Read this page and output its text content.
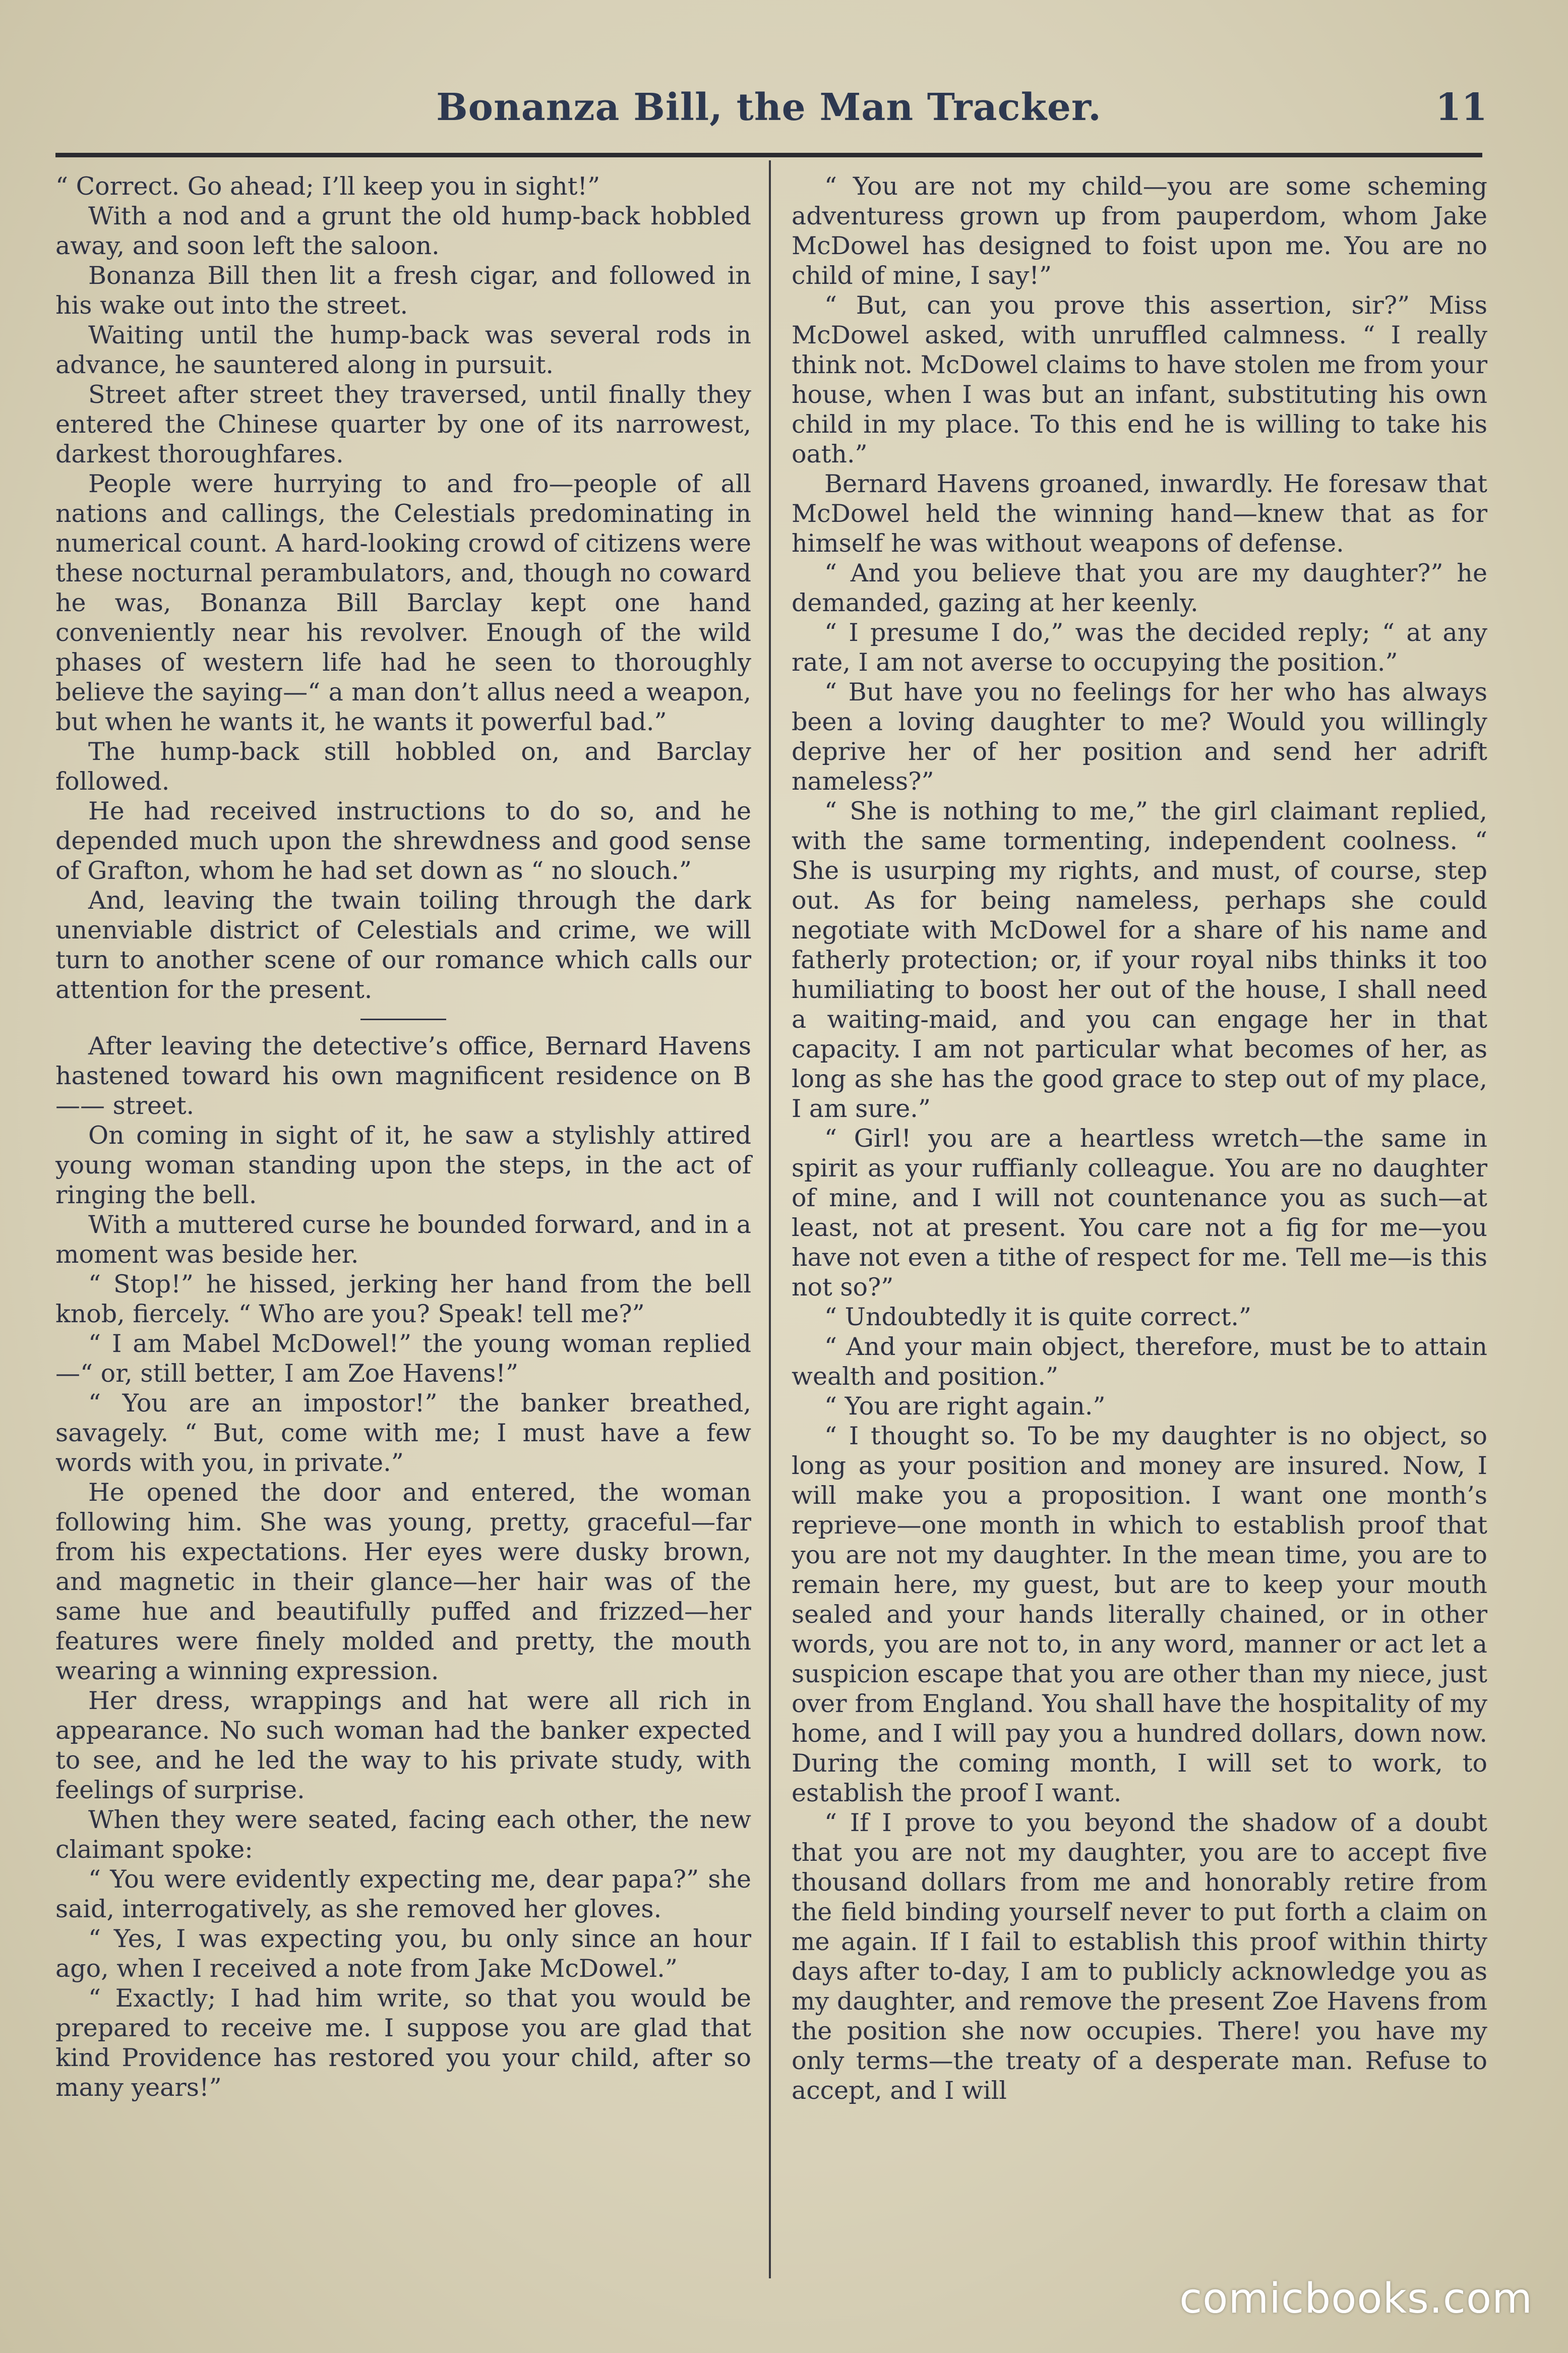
Bonanza Bill, the Man Tracker.	11

“ Correct. Go ahead; I’ll keep you in sight!”

With a nod and a grunt the old hump-back hobbled away, and soon left the saloon.

Bonanza Bill then lit a fresh cigar, and followed in his wake out into the street.

Waiting until the hump-back was several rods in advance, he sauntered along in pursuit.

Street after street they traversed, until finally they entered the Chinese quarter by one of its narrowest, darkest thoroughfares.

People were hurrying to and fro—people of all nations and callings, the Celestials predominating in numerical count. A hard-looking crowd of citizens were these nocturnal perambulators, and, though no coward he was, Bonanza Bill Barclay kept one hand conveniently near his revolver. Enough of the wild phases of western life had he seen to thoroughly believe the saying—“ a man don’t allus need a weapon, but when he wants it, he wants it powerful bad.”

The hump-back still hobbled on, and Barclay followed.

He had received instructions to do so, and he depended much upon the shrewdness and good sense of Grafton, whom he had set down as “ no slouch.”

And, leaving the twain toiling through the dark unenviable district of Celestials and crime, we will turn to another scene of our romance which calls our attention for the present.

After leaving the detective’s office, Bernard Havens hastened toward his own magnificent residence on B—— street.

On coming in sight of it, he saw a stylishly attired young woman standing upon the steps, in the act of ringing the bell.

With a muttered curse he bounded forward, and in a moment was beside her.

“ Stop!” he hissed, jerking her hand from the bell knob, fiercely. “ Who are you? Speak! tell me?”

“ I am Mabel McDowel!” the young woman replied—“ or, still better, I am Zoe Havens!”

“ You are an impostor!” the banker breathed, savagely. “ But, come with me; I must have a few words with you, in private.”

He opened the door and entered, the woman following him. She was young, pretty, graceful—far from his expectations. Her eyes were dusky brown, and magnetic in their glance—her hair was of the same hue and beautifully puffed and frizzed—her features were finely molded and pretty, the mouth wearing a winning expression.

Her dress, wrappings and hat were all rich in appearance. No such woman had the banker expected to see, and he led the way to his private study, with feelings of surprise.

When they were seated, facing each other, the new claimant spoke:

“ You were evidently expecting me, dear papa?” she said, interrogatively, as she removed her gloves.

“ Yes, I was expecting you, bu only since an hour ago, when I received a note from Jake McDowel.”

“ Exactly; I had him write, so that you would be prepared to receive me. I suppose you are glad that kind Providence has restored you your child, after so many years!”

“ You are not my child—you are some scheming adventuress grown up from pauperdom, whom Jake McDowel has designed to foist upon me. You are no child of mine, I say!”

“ But, can you prove this assertion, sir?” Miss McDowel asked, with unruffled calmness. “ I really think not. McDowel claims to have stolen me from your house, when I was but an infant, substituting his own child in my place. To this end he is willing to take his oath.”

Bernard Havens groaned, inwardly. He foresaw that McDowel held the winning hand—knew that as for himself he was without weapons of defense.

“ And you believe that you are my daughter?” he demanded, gazing at her keenly.

“ I presume I do,” was the decided reply; “ at any rate, I am not averse to occupying the position.”

“ But have you no feelings for her who has always been a loving daughter to me? Would you willingly deprive her of her position and send her adrift nameless?”

“ She is nothing to me,” the girl claimant replied, with the same tormenting, independent coolness. “ She is usurping my rights, and must, of course, step out. As for being nameless, perhaps she could negotiate with McDowel for a share of his name and fatherly protection; or, if your royal nibs thinks it too humiliating to boost her out of the house, I shall need a waiting-maid, and you can engage her in that capacity. I am not particular what becomes of her, as long as she has the good grace to step out of my place, I am sure.”

“ Girl! you are a heartless wretch—the same in spirit as your ruffianly colleague. You are no daughter of mine, and I will not countenance you as such—at least, not at present. You care not a fig for me—you have not even a tithe of respect for me. Tell me—is this not so?”

“ Undoubtedly it is quite correct.”

“ And your main object, therefore, must be to attain wealth and position.”

“ You are right again.”

“ I thought so. To be my daughter is no object, so long as your position and money are insured. Now, I will make you a proposition. I want one month’s reprieve—one month in which to establish proof that you are not my daughter. In the mean time, you are to remain here, my guest, but are to keep your mouth sealed and your hands literally chained, or in other words, you are not to, in any word, manner or act let a suspicion escape that you are other than my niece, just over from England. You shall have the hospitality of my home, and I will pay you a hundred dollars, down now. During the coming month, I will set to work, to establish the proof I want.

“ If I prove to you beyond the shadow of a doubt that you are not my daughter, you are to accept five thousand dollars from me and honorably retire from the field binding yourself never to put forth a claim on me again. If I fail to establish this proof within thirty days after to-day, I am to publicly acknowledge you as my daughter, and remove the present Zoe Havens from the position she now occupies. There! you have my only terms—the treaty of a desperate man. Refuse to accept, and I will

comicbooks.com
